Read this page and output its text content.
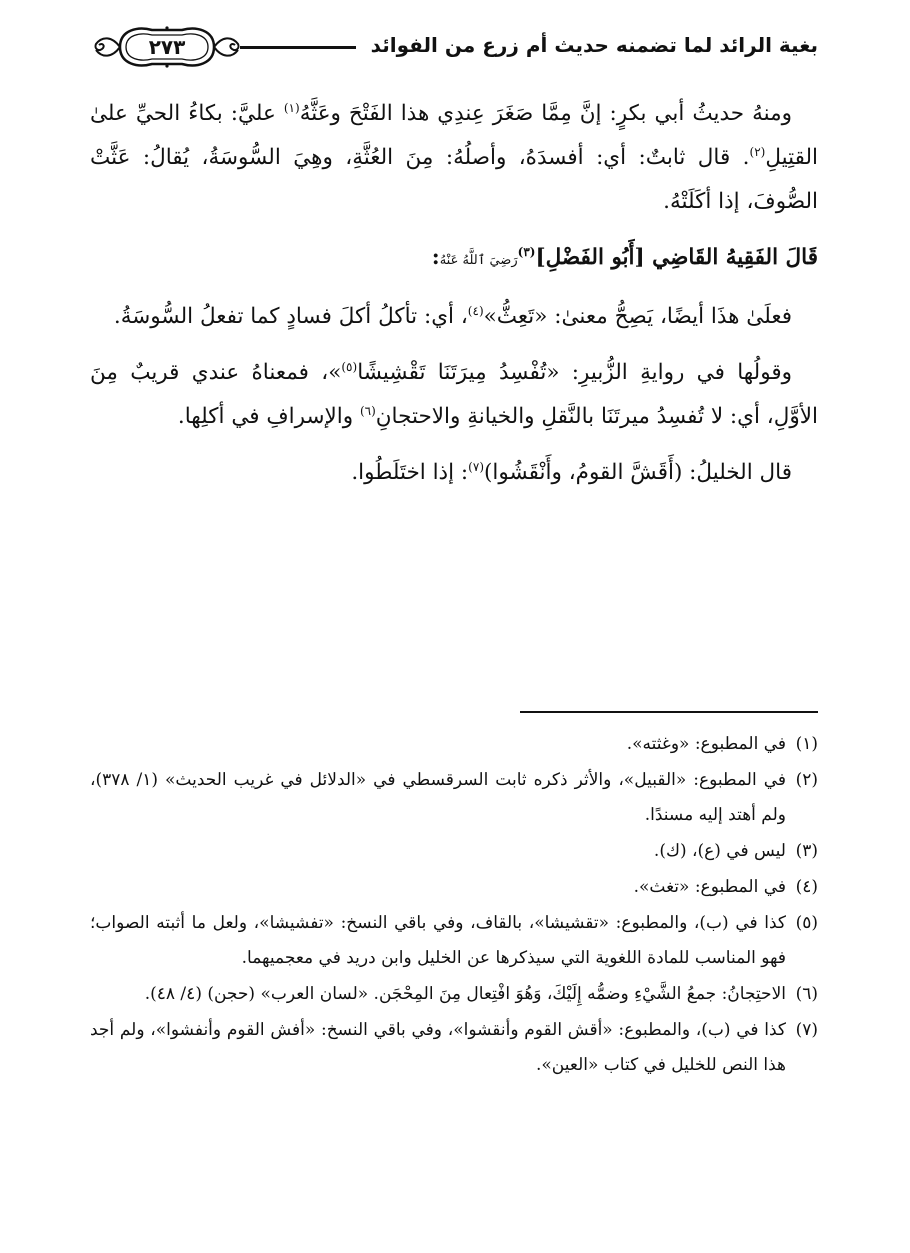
بغية الرائد لما تضمنه حديث أم زرع من الفوائد
٢٧٣

ومنهُ حديثُ أبي بكرٍ: إنَّ مِمَّا صَغَرَ عِندِي هذا الفَتْحَ وعَثَّهُ$^{(١)}$ عليَّ: بكاءُ الحيِّ علىٰ القتِيلِ$^{(٢)}$. قال ثابتٌ: أي: أفسدَهُ، وأصلُهُ: مِنَ العُثَّةِ، وهِيَ السُّوسَةُ، يُقالُ: عَثَّتْ الصُّوفَ، إذا أكَلَتْهُ.

قَالَ الفَقِيهُ القَاضِي [أَبُو الفَضْلِ]$^{(٣)}$رَضِيَ ٱللَّهُ عَنْهُ:

فعلَىٰ هذَا أيضًا، يَصِحُّ معنىٰ: «تَعِثُّ»$^{(٤)}$، أي: تأكلُ أكلَ فسادٍ كما تفعلُ السُّوسَةُ.

وقولُها في روايةِ الزُّبيرِ: «تُفْسِدُ مِيرَتَنَا تَقْشِيشًا$^{(٥)}$»، فمعناهُ عندي قريبٌ مِنَ الأوَّلِ، أي: لا تُفسِدُ ميرتَنَا بالنَّقلِ والخيانةِ والاحتجانِ$^{(٦)}$ والإسرافِ في أكلِها.

قال الخليلُ: (أَقَشَّ القومُ، وأَنْقَشُوا)$^{(٧)}$: إذا اختَلَطُوا.

(١)
في المطبوع: «وغثته».
(٢)
في المطبوع: «القبيل»، والأثر ذكره ثابت السرقسطي في «الدلائل في غريب الحديث» (١/ ٣٧٨)، ولم أهتد إليه مسندًا.
(٣)
ليس في (ع)، (ك).
(٤)
في المطبوع: «تغث».
(٥)
كذا في (ب)، والمطبوع: «تقشيشا»، بالقاف، وفي باقي النسخ: «تفشيشا»، ولعل ما أثبته الصواب؛ فهو المناسب للمادة اللغوية التي سيذكرها عن الخليل وابن دريد في معجميهما.
(٦)
الاحتِجانُ: جمعُ الشَّيْءِ وضمُّه إِلَيْكَ، وَهُوَ افْتِعال مِنَ المِحْجَن. «لسان العرب» (حجن) (٤/ ٤٨).
(٧)
كذا في (ب)، والمطبوع: «أقش القوم وأنقشوا»، وفي باقي النسخ: «أفش القوم وأنفشوا»، ولم أجد هذا النص للخليل في كتاب «العين».
